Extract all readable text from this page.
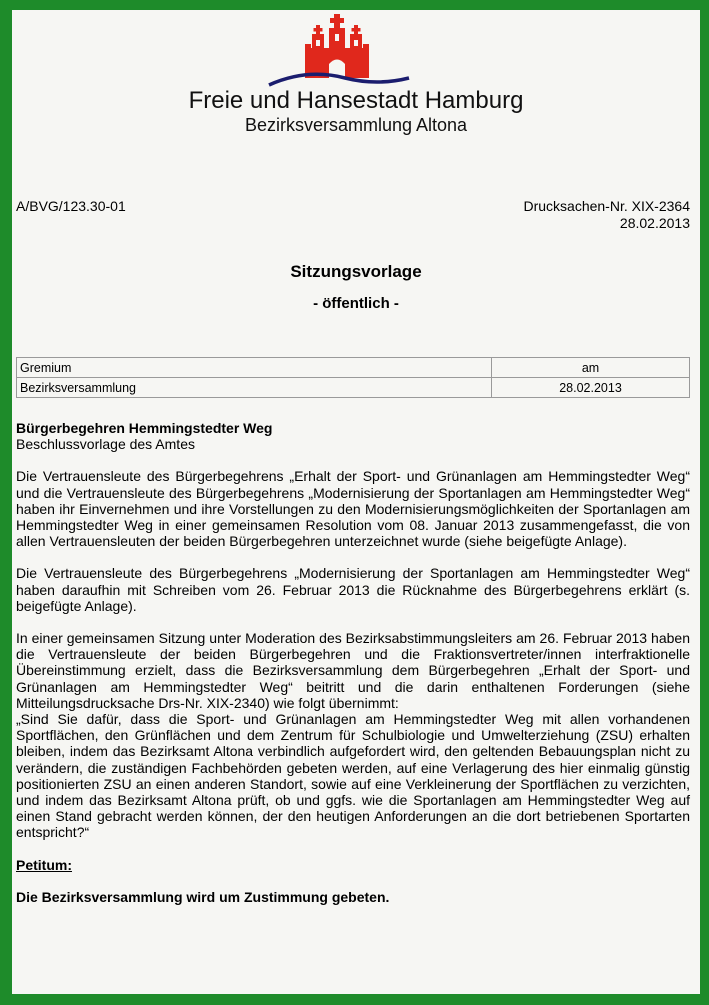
Freie und Hansestadt Hamburg
Bezirksversammlung Altona
A/BVG/123.30-01	Drucksachen-Nr. XIX-2364
28.02.2013
Sitzungsvorlage
- öffentlich -
Gremium	am
Bezirksversammlung	28.02.2013
Bürgerbegehren Hemmingstedter Weg
Beschlussvorlage des Amtes

Die Vertrauensleute des Bürgerbegehrens „Erhalt der Sport- und Grünanlagen am Hemmingstedter Weg“ und die Vertrauensleute des Bürgerbegehrens „Modernisierung der Sportanlagen am Hemmingstedter Weg“ haben ihr Einvernehmen und ihre Vorstellungen zu den Modernisierungsmöglichkeiten der Sportanlagen am Hemmingstedter Weg in einer gemeinsamen Resolution vom 08. Januar 2013 zusammengefasst, die von allen Vertrauensleuten der beiden Bürgerbegehren unterzeichnet wurde (siehe beigefügte Anlage).

Die Vertrauensleute des Bürgerbegehrens „Modernisierung der Sportanlagen am Hemmingstedter Weg“ haben daraufhin mit Schreiben vom 26. Februar 2013 die Rücknahme des Bürgerbegehrens erklärt (s. beigefügte Anlage).

In einer gemeinsamen Sitzung unter Moderation des Bezirksabstimmungsleiters am 26. Februar 2013 haben die Vertrauensleute der beiden Bürgerbegehren und die Fraktionsvertreter/innen interfraktionelle Übereinstimmung erzielt, dass die Bezirksversammlung dem Bürgerbegehren „Erhalt der Sport- und Grünanlagen am Hemmingstedter Weg“ beitritt und die darin enthaltenen Forderungen (siehe Mitteilungsdrucksache Drs-Nr. XIX-2340) wie folgt übernimmt:

„Sind Sie dafür, dass die Sport- und Grünanlagen am Hemmingstedter Weg mit allen vorhandenen Sportflächen, den Grünflächen und dem Zentrum für Schulbiologie und Umwelterziehung (ZSU) erhalten bleiben, indem das Bezirksamt Altona verbindlich aufgefordert wird, den geltenden Bebauungsplan nicht zu verändern, die zuständigen Fachbehörden gebeten werden, auf eine Verlagerung des hier einmalig günstig positionierten ZSU an einen anderen Standort, sowie auf eine Verkleinerung der Sportflächen zu verzichten, und indem das Bezirksamt Altona prüft, ob und ggfs. wie die Sportanlagen am Hemmingstedter Weg auf einen Stand gebracht werden können, der den heutigen Anforderungen an die dort betriebenen Sportarten entspricht?“

Petitum:
Die Bezirksversammlung wird um Zustimmung gebeten.
